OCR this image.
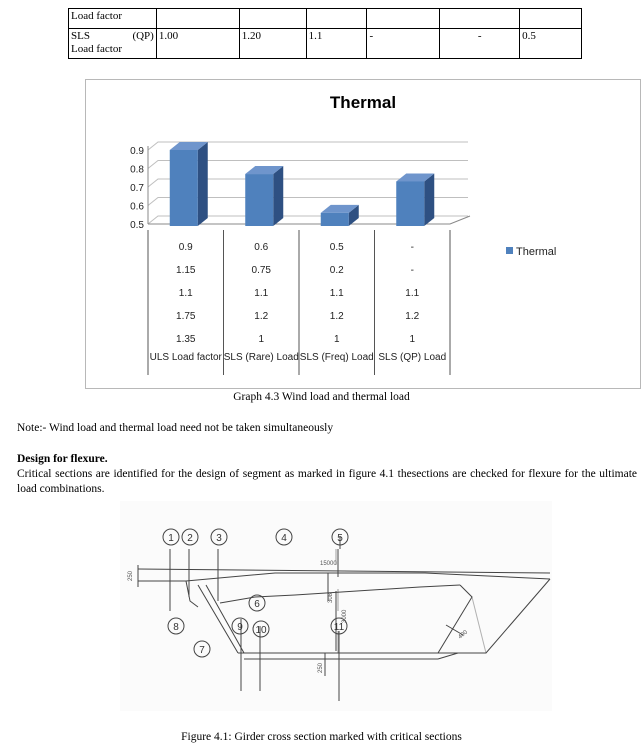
Load factor						
SLS (QP)

Load factor	1.00	1.20	1.1	-	-	0.5
Thermal
0.9
0.8
0.7
0.6
0.5
0.9	0.6	0.5	-
1.15	0.75	0.2	-
1.1	1.1	1.1	1.1
1.75	1.2	1.2	1.2
1.35	1	1	1
ULS Load factor SLS (Rare) Load SLS (Freq) Load SLS (QP) Load
Thermal
Graph 4.3 Wind load and thermal load
Note:- Wind load and thermal load need not be taken simultaneously
Design for flexure.
Critical sections are identified for the design of segment as marked in figure 4.1 thesections are checked for flexure for the ultimate load combinations.
1 2 3	4	5
6
7
8	9 10	11
15000
250
308
3000
250
400
Figure 4.1: Girder cross section marked with critical sections
